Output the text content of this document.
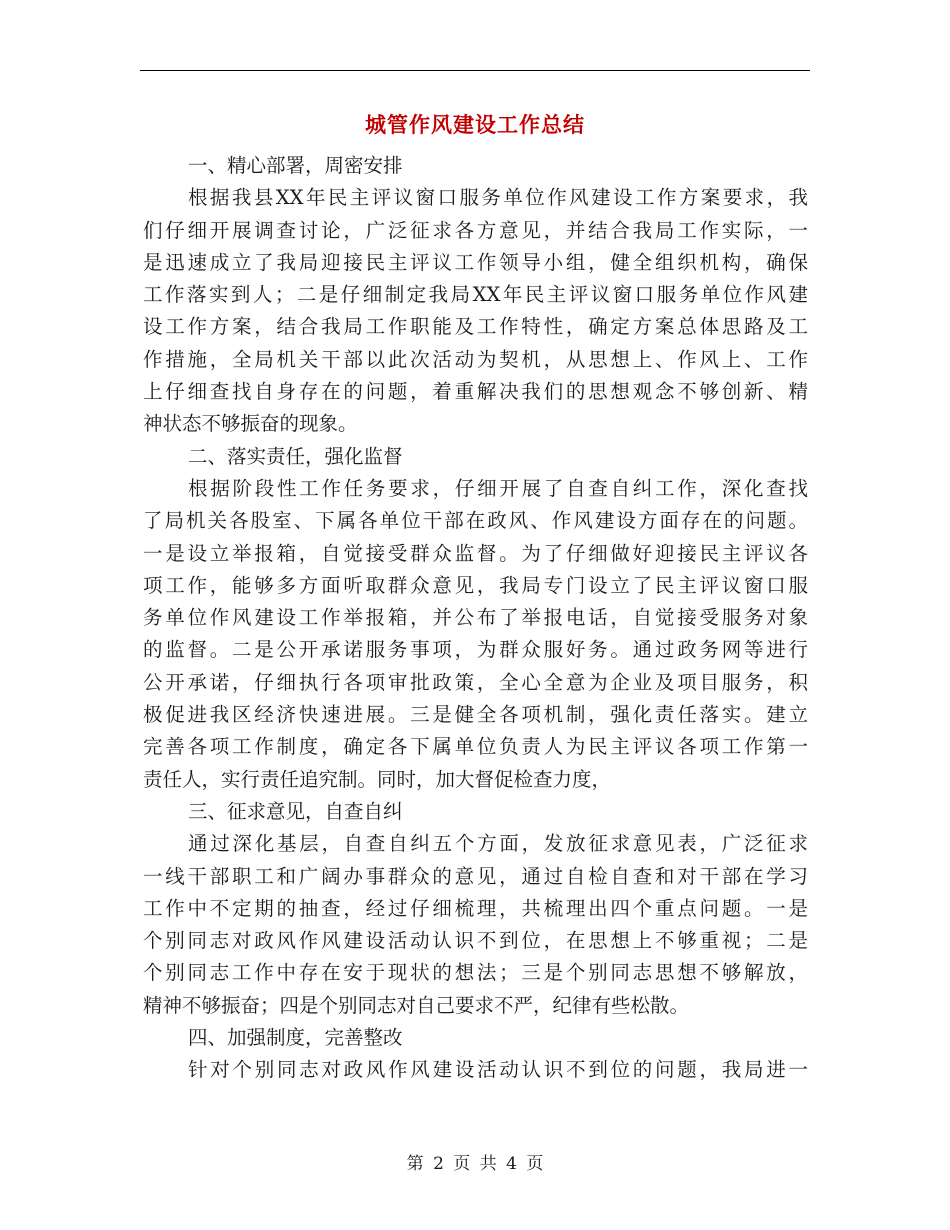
城管作风建设工作总结
一、精心部署，周密安排
根据我县XX年民主评议窗口服务单位作风建设工作方案要求，我
们仔细开展调查讨论，广泛征求各方意见，并结合我局工作实际，一
是迅速成立了我局迎接民主评议工作领导小组，健全组织机构，确保
工作落实到人；二是仔细制定我局XX年民主评议窗口服务单位作风建
设工作方案，结合我局工作职能及工作特性，确定方案总体思路及工
作措施，全局机关干部以此次活动为契机，从思想上、作风上、工作
上仔细查找自身存在的问题，着重解决我们的思想观念不够创新、精
神状态不够振奋的现象。
二、落实责任，强化监督
根据阶段性工作任务要求，仔细开展了自查自纠工作，深化查找
了局机关各股室、下属各单位干部在政风、作风建设方面存在的问题。
一是设立举报箱，自觉接受群众监督。为了仔细做好迎接民主评议各
项工作，能够多方面听取群众意见，我局专门设立了民主评议窗口服
务单位作风建设工作举报箱，并公布了举报电话，自觉接受服务对象
的监督。二是公开承诺服务事项，为群众服好务。通过政务网等进行
公开承诺，仔细执行各项审批政策，全心全意为企业及项目服务，积
极促进我区经济快速进展。三是健全各项机制，强化责任落实。建立
完善各项工作制度，确定各下属单位负责人为民主评议各项工作第一
责任人，实行责任追究制。同时，加大督促检查力度，
三、征求意见，自查自纠
通过深化基层，自查自纠五个方面，发放征求意见表，广泛征求
一线干部职工和广阔办事群众的意见，通过自检自查和对干部在学习
工作中不定期的抽查，经过仔细梳理，共梳理出四个重点问题。一是
个别同志对政风作风建设活动认识不到位，在思想上不够重视；二是
个别同志工作中存在安于现状的想法；三是个别同志思想不够解放，
精神不够振奋；四是个别同志对自己要求不严，纪律有些松散。
四、加强制度，完善整改
针对个别同志对政风作风建设活动认识不到位的问题，我局进一
第 2 页 共 4 页
